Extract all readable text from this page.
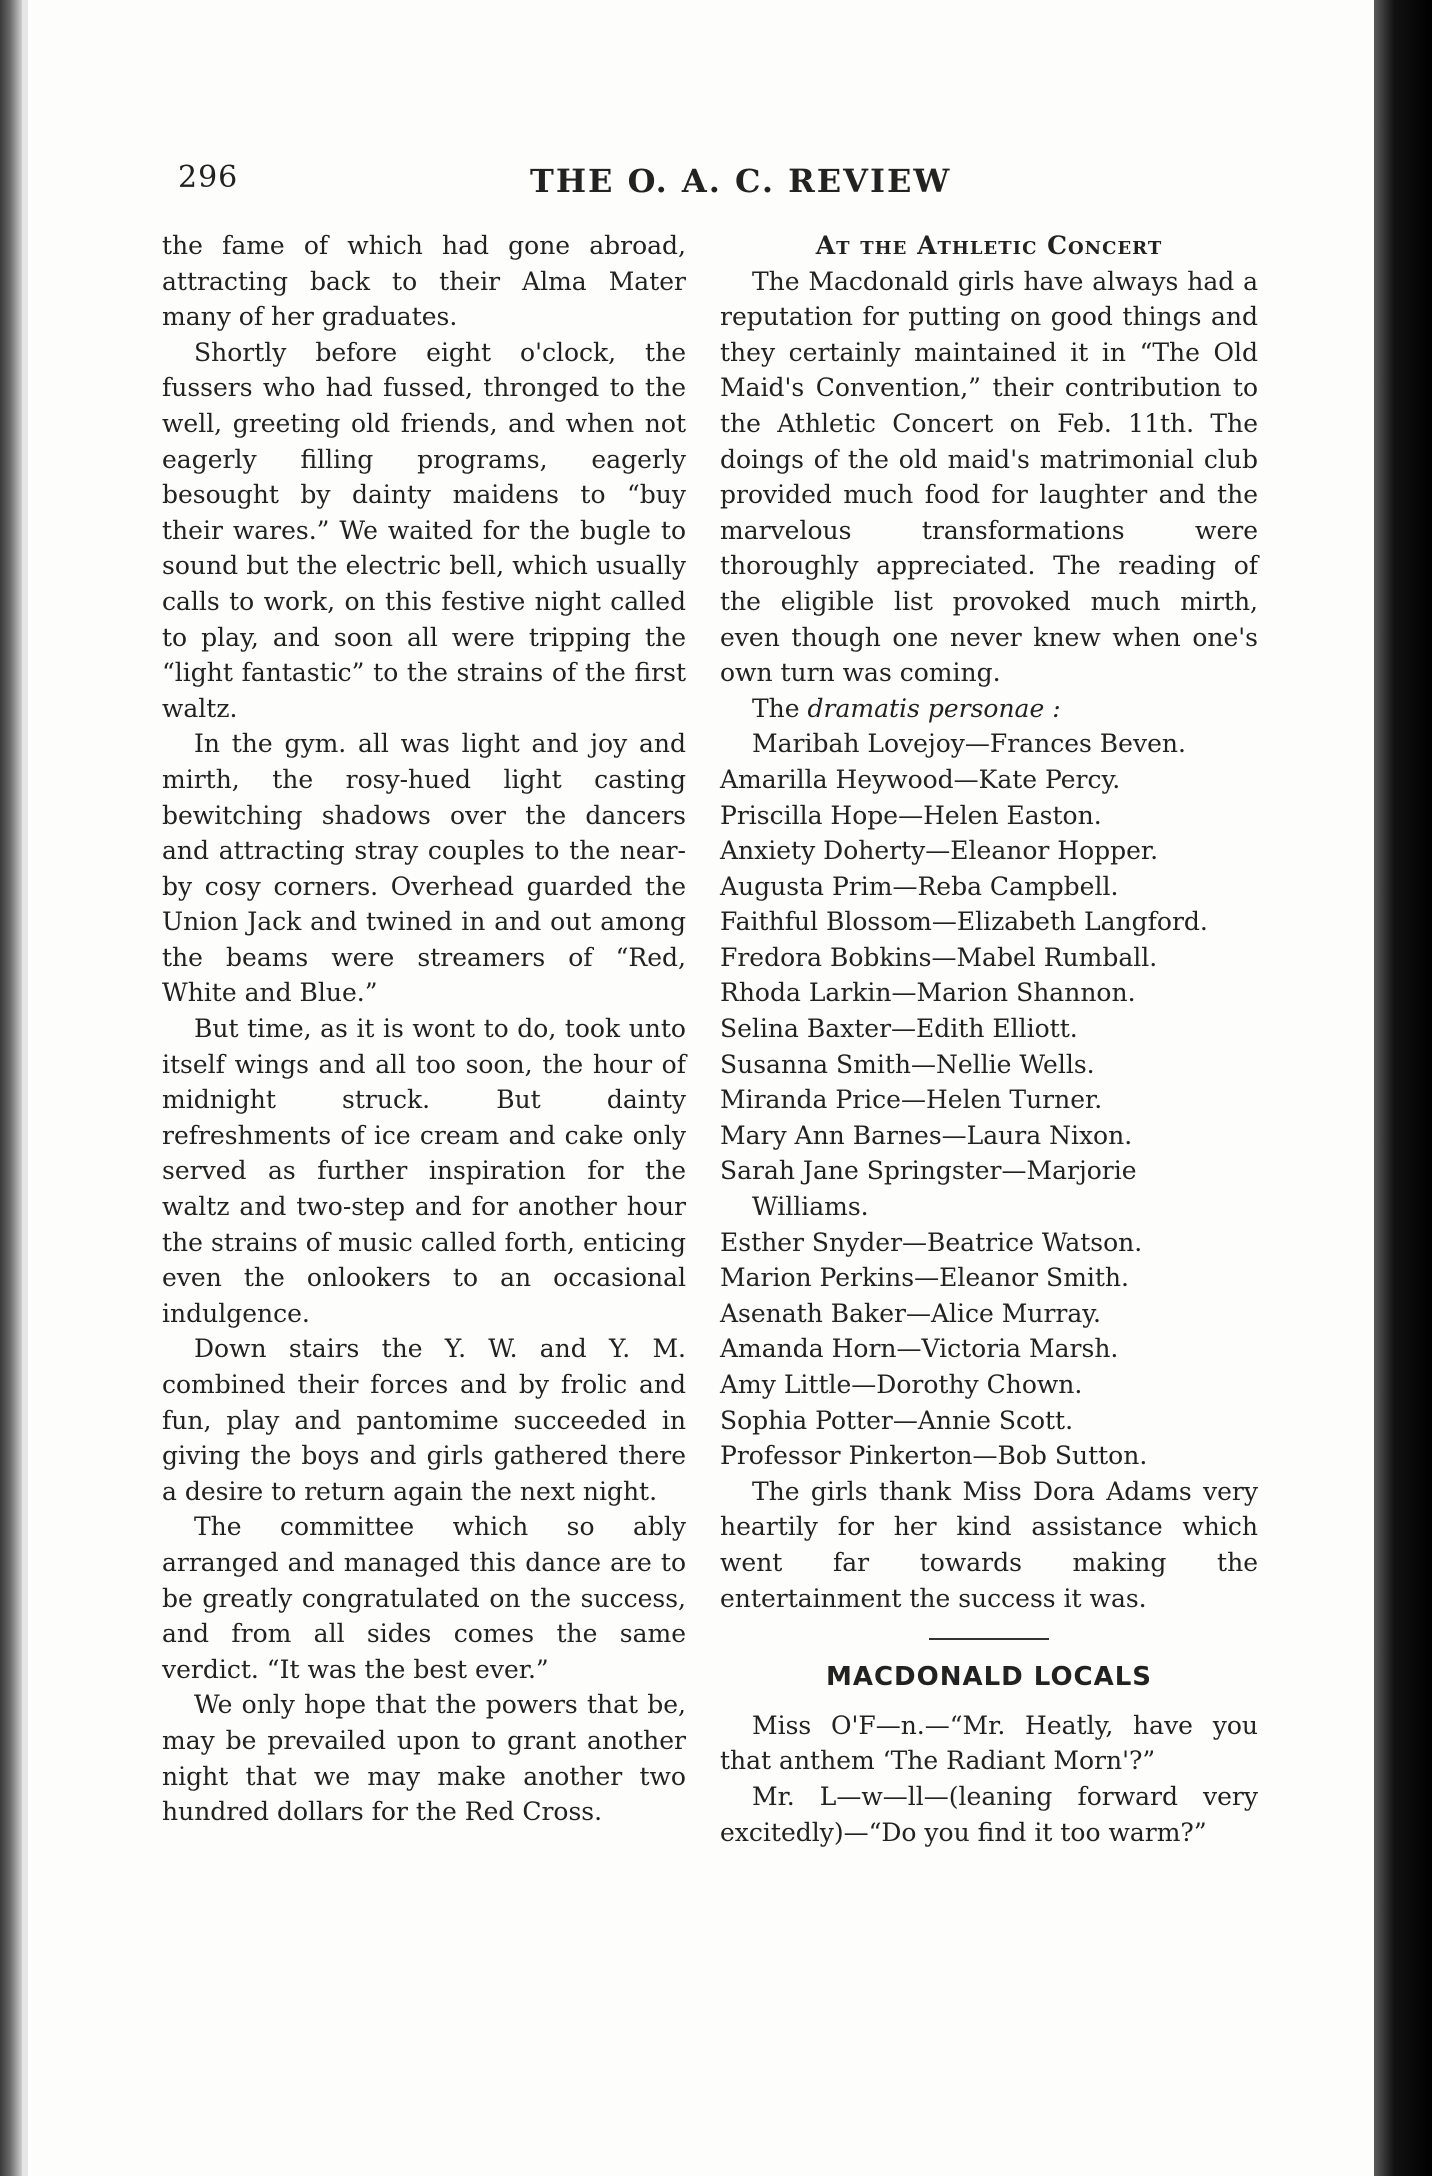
296	THE O. A. C. REVIEW

the fame of which had gone abroad, attracting back to their Alma Mater many of her graduates.

Shortly before eight o'clock, the fussers who had fussed, thronged to the well, greeting old friends, and when not eagerly filling programs, eagerly besought by dainty maidens to “buy their wares.” We waited for the bugle to sound but the electric bell, which usually calls to work, on this festive night called to play, and soon all were tripping the “light fantastic” to the strains of the first waltz.

In the gym. all was light and joy and mirth, the rosy-hued light casting bewitching shadows over the dancers and attracting stray couples to the near-by cosy corners. Overhead guarded the Union Jack and twined in and out among the beams were streamers of “Red, White and Blue.”

But time, as it is wont to do, took unto itself wings and all too soon, the hour of midnight struck. But dainty refreshments of ice cream and cake only served as further inspiration for the waltz and two-step and for another hour the strains of music called forth, enticing even the onlookers to an occasional indulgence.

Down stairs the Y. W. and Y. M. combined their forces and by frolic and fun, play and pantomime succeeded in giving the boys and girls gathered there a desire to return again the next night.

The committee which so ably arranged and managed this dance are to be greatly congratulated on the success, and from all sides comes the same verdict. “It was the best ever.”

We only hope that the powers that be, may be prevailed upon to grant another night that we may make another two hundred dollars for the Red Cross.

At the Athletic Concert

The Macdonald girls have always had a reputation for putting on good things and they certainly maintained it in “The Old Maid's Convention,” their contribution to the Athletic Concert on Feb. 11th. The doings of the old maid's matrimonial club provided much food for laughter and the marvelous transformations were thoroughly appreciated. The reading of the eligible list provoked much mirth, even though one never knew when one's own turn was coming.

The dramatis personae :

Maribah Lovejoy—Frances Beven.
Amarilla Heywood—Kate Percy.
Priscilla Hope—Helen Easton.
Anxiety Doherty—Eleanor Hopper.
Augusta Prim—Reba Campbell.
Faithful Blossom—Elizabeth Langford.
Fredora Bobkins—Mabel Rumball.
Rhoda Larkin—Marion Shannon.
Selina Baxter—Edith Elliott.
Susanna Smith—Nellie Wells.
Miranda Price—Helen Turner.
Mary Ann Barnes—Laura Nixon.
Sarah Jane Springster—Marjorie Williams.
Esther Snyder—Beatrice Watson.
Marion Perkins—Eleanor Smith.
Asenath Baker—Alice Murray.
Amanda Horn—Victoria Marsh.
Amy Little—Dorothy Chown.
Sophia Potter—Annie Scott.
Professor Pinkerton—Bob Sutton.

The girls thank Miss Dora Adams very heartily for her kind assistance which went far towards making the entertainment the success it was.

MACDONALD LOCALS

Miss O'F—n.—“Mr. Heatly, have you that anthem ‘The Radiant Morn'?”

Mr. L—w—ll—(leaning forward very excitedly)—“Do you find it too warm?”
